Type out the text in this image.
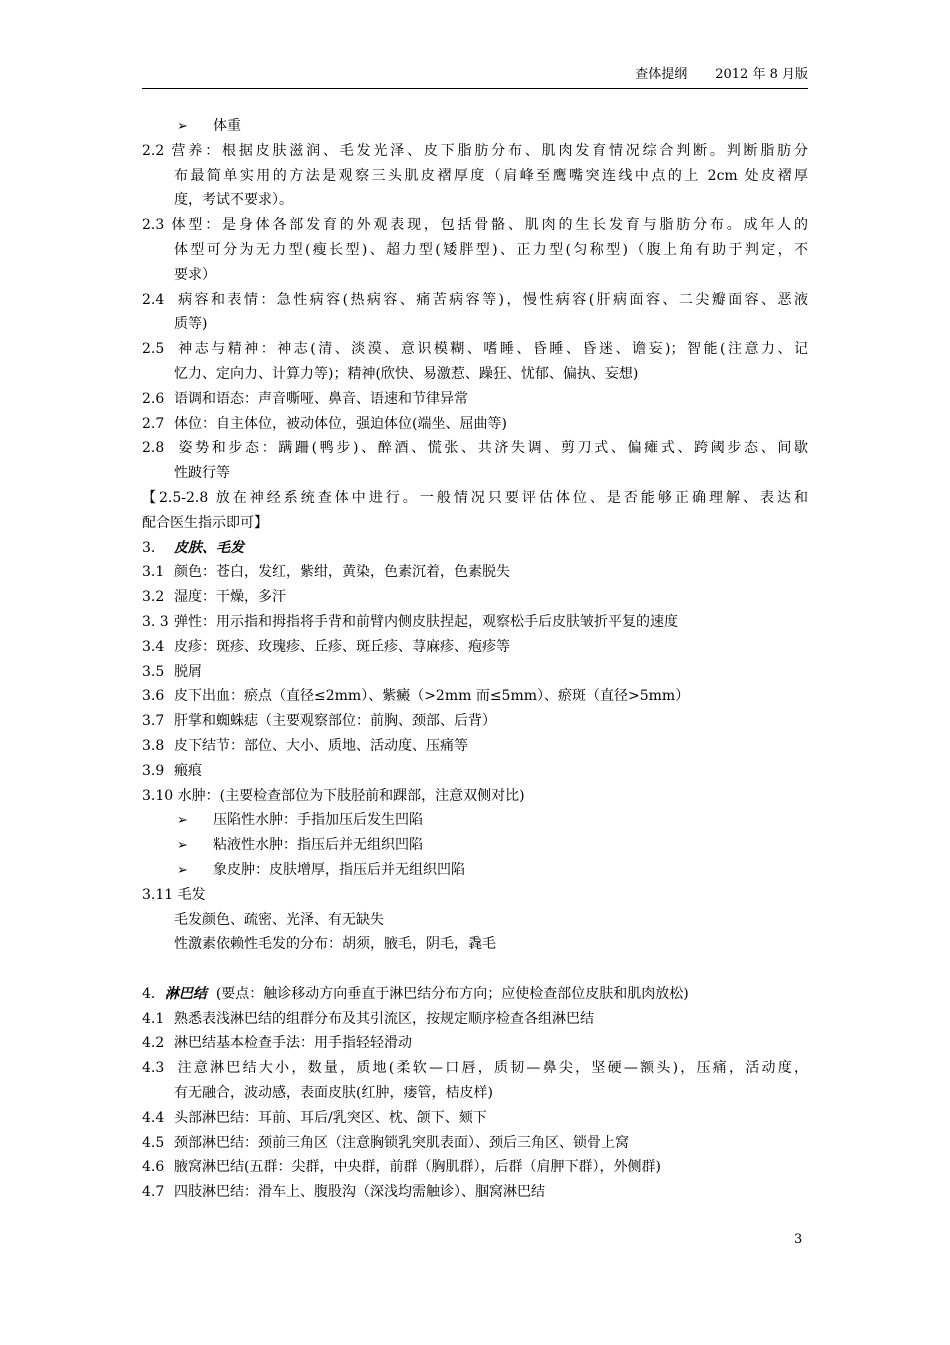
查体提纲 2012 年 8 月版
➢ 体重
2.2 营养：根据皮肤滋润、毛发光泽、皮下脂肪分布、肌肉发育情况综合判断。判断脂肪分
布最简单实用的方法是观察三头肌皮褶厚度（肩峰至鹰嘴突连线中点的上 2cm 处皮褶厚
度，考试不要求）。
2.3 体型：是身体各部发育的外观表现，包括骨骼、肌肉的生长发育与脂肪分布。成年人的
体型可分为无力型(瘦长型)、超力型(矮胖型)、正力型(匀称型)（腹上角有助于判定，不
要求）
2.4 病容和表情：急性病容(热病容、痛苦病容等)，慢性病容(肝病面容、二尖瓣面容、恶液
质等)
2.5 神志与精神：神志(清、淡漠、意识模糊、嗜睡、昏睡、昏迷、谵妄)；智能(注意力、记
忆力、定向力、计算力等)；精神(欣快、易激惹、躁狂、忧郁、偏执、妄想)
2.6 语调和语态：声音嘶哑、鼻音、语速和节律异常
2.7 体位：自主体位，被动体位，强迫体位(端坐、屈曲等)
2.8 姿势和步态：蹒跚(鸭步)、醉酒、慌张、共济失调、剪刀式、偏瘫式、跨阈步态、间歇
性跛行等
【2.5-2.8 放在神经系统查体中进行。一般情况只要评估体位、是否能够正确理解、表达和
配合医生指示即可】
3. 皮肤、毛发
3.1 颜色：苍白，发红，紫绀，黄染，色素沉着，色素脱失
3.2 湿度：干燥，多汗
3. 3 弹性：用示指和拇指将手背和前臂内侧皮肤捏起，观察松手后皮肤皱折平复的速度
3.4 皮疹：斑疹、玫瑰疹、丘疹、斑丘疹、荨麻疹、疱疹等
3.5 脱屑
3.6 皮下出血：瘀点（直径≤2mm）、紫癜（>2mm 而≤5mm）、瘀斑（直径>5mm）
3.7 肝掌和蜘蛛痣（主要观察部位：前胸、颈部、后背）
3.8 皮下结节：部位、大小、质地、活动度、压痛等
3.9 瘢痕
3.10 水肿：(主要检查部位为下肢胫前和踝部，注意双侧对比)
➢ 压陷性水肿：手指加压后发生凹陷
➢ 粘液性水肿：指压后并无组织凹陷
➢ 象皮肿：皮肤增厚，指压后并无组织凹陷
3.11 毛发
毛发颜色、疏密、光泽、有无缺失
性激素依赖性毛发的分布：胡须，腋毛，阴毛，毳毛
4．淋巴结 (要点：触诊移动方向垂直于淋巴结分布方向；应使检查部位皮肤和肌肉放松)
4.1 熟悉表浅淋巴结的组群分布及其引流区，按规定顺序检查各组淋巴结
4.2 淋巴结基本检查手法：用手指轻轻滑动
4.3 注意淋巴结大小，数量，质地(柔软—口唇，质韧—鼻尖，坚硬—额头)，压痛，活动度，
有无融合，波动感，表面皮肤(红肿，瘘管，桔皮样)
4.4 头部淋巴结：耳前、耳后/乳突区、枕、颌下、颏下
4.5 颈部淋巴结：颈前三角区（注意胸锁乳突肌表面）、颈后三角区、锁骨上窝
4.6 腋窝淋巴结(五群：尖群，中央群，前群（胸肌群），后群（肩胛下群），外侧群)
4.7 四肢淋巴结：滑车上、腹股沟（深浅均需触诊）、腘窝淋巴结
3
